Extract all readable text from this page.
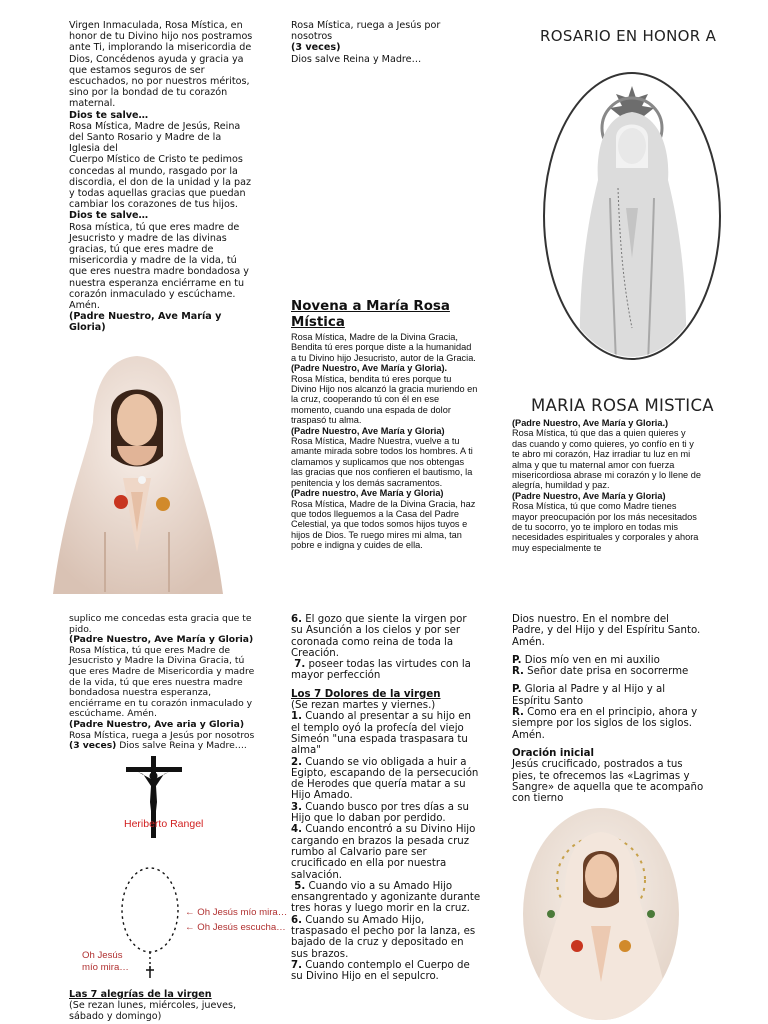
Virgen Inmaculada, Rosa Mística, en honor de tu Divino hijo nos postramos ante Ti, implorando la misericordia de Dios, Concédenos ayuda y gracia ya que estamos seguros de ser escuchados, no por nuestros méritos, sino por la bondad de tu corazón maternal.

Dios te salve…

Rosa Mística, Madre de Jesús, Reina del Santo Rosario y Madre de la Iglesia del

Cuerpo Místico de Cristo te pedimos concedas al mundo, rasgado por la discordia, el don de la unidad y la paz y todas aquellas gracias que puedan cambiar los corazones de tus hijos.

Dios te salve…

Rosa mística, tú que eres madre de Jesucristo y madre de las divinas gracias, tú que eres madre de misericordia y madre de la vida, tú que eres nuestra madre bondadosa y nuestra esperanza enciérrame en tu corazón inmaculado y escúchame. Amén.

(Padre Nuestro, Ave María y Gloria)

Rosa Mística, ruega a Jesús por nosotros

(3 veces)

Dios salve Reina y Madre…

Novena a María Rosa Mística

Rosa Mística, Madre de la Divina Gracia, Bendita tú eres porque diste a la humanidad a tu Divino hijo Jesucristo, autor de la Gracia.

(Padre Nuestro, Ave María y Gloria).

Rosa Mística, bendita tú eres porque tu Divino Hijo nos alcanzó la gracia muriendo en la cruz, cooperando tú con él en ese momento, cuando una espada de dolor traspasó tu alma.

(Padre Nuestro, Ave María y Gloria)

Rosa Mística, Madre Nuestra, vuelve a tu amante mirada sobre todos los hombres. A ti clamamos y suplicamos que nos obtengas las gracias que nos confieren el bautismo, la penitencia y los demás sacramentos.

(Padre nuestro, Ave María y Gloria)

Rosa Mística, Madre de la Divina Gracia, haz que todos lleguemos a la Casa del Padre Celestial, ya que todos somos hijos tuyos e hijos de Dios. Te ruego mires mi alma, tan pobre e indigna y cuides de ella.

ROSARIO EN HONOR A
MARIA ROSA MISTICA

(Padre Nuestro, Ave María y Gloria.)

Rosa Mística, tú que das a quien quieres y das cuando y como quieres, yo confío en ti y te abro mi corazón, Haz irradiar tu luz en mi alma y que tu maternal amor con fuerza misericordiosa abrase mi corazón y lo llene de alegría, humildad y paz.

(Padre Nuestro, Ave María y Gloria)

Rosa Mística, tú que como Madre tienes mayor preocupación por los más necesitados de tu socorro, yo te imploro en todas mis necesidades espirituales y corporales y ahora muy especialmente te

suplico me concedas esta gracia que te pido.

(Padre Nuestro, Ave María y Gloria)

Rosa Mística, tú que eres Madre de Jesucristo y Madre la Divina Gracia, tú que eres Madre de Misericordia y madre de la vida, tú que eres nuestra madre bondadosa nuestra esperanza, enciérrame en tu corazón inmaculado y escúchame. Amén.

(Padre Nuestro, Ave aria y Gloria)

Rosa Mística, ruega a Jesús por nosotros

(3 veces) Dios salve Reina y Madre….

Heriberto Rangel
← Oh Jesús mío mira…
← Oh Jesús escucha…
Oh Jesús
mío mira…

Las 7 alegrías de la virgen

(Se rezan lunes, miércoles, jueves, sábado y domingo)

6. El gozo que siente la virgen por su Asunción a los cielos y por ser coronada como reina de toda la Creación.

7. poseer todas las virtudes con la mayor perfección

Los 7 Dolores de la virgen

(Se rezan martes y viernes.)

1. Cuando al presentar a su hijo en el templo oyó la profecía del viejo Simeón "una espada traspasara tu alma"

2. Cuando se vio obligada a huir a Egipto, escapando de la persecución de Herodes que quería matar a su Hijo Amado.

3. Cuando busco por tres días a su Hijo que lo daban por perdido.

4. Cuando encontró a su Divino Hijo cargando en brazos la pesada cruz rumbo al Calvario pare ser crucificado en ella por nuestra salvación.

5. Cuando vio a su Amado Hijo ensangrentado y agonizante durante tres horas y luego morir en la cruz.

6. Cuando su Amado Hijo, traspasado el pecho por la lanza, es bajado de la cruz y depositado en sus brazos.

7. Cuando contemplo el Cuerpo de su Divino Hijo en el sepulcro.

Dios nuestro. En el nombre del Padre, y del Hijo y del Espíritu Santo. Amén.

P. Dios mío ven en mi auxilio

R. Señor date prisa en socorrerme

P. Gloria al Padre y al Hijo y al Espíritu Santo

R. Como era en el principio, ahora y siempre por los siglos de los siglos. Amén.

Oración inicial

Jesús crucificado, postrados a tus pies, te ofrecemos las «Lagrimas y Sangre» de aquella que te acompaño con tierno
